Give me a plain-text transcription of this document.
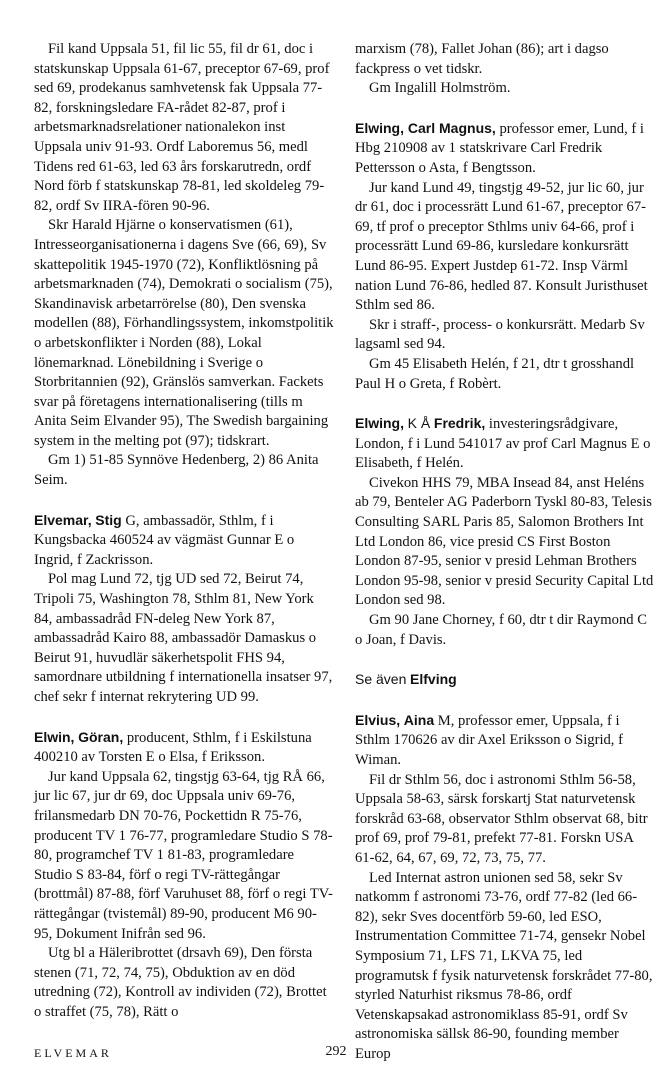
Fil kand Uppsala 51, fil lic 55, fil dr 61, doc i statskunskap Uppsala 61-67, preceptor 67-69, prof sed 69, prodekanus samhvetensk fak Uppsala 77-82, forskningsledare FA-rådet 82-87, prof i arbetsmarknadsrelationer nationalekon inst Uppsala univ 91-93. Ordf Laboremus 56, medl Tidens red 61-63, led 63 års forskarutredn, ordf Nord förb f statskunskap 78-81, led skoldeleg 79-82, ordf Sv IIRA-fören 90-96.

Skr Harald Hjärne o konservatismen (61), Intresseorganisationerna i dagens Sve (66, 69), Sv skattepolitik 1945-1970 (72), Konfliktlösning på arbetsmarknaden (74), Demokrati o socialism (75), Skandinavisk arbetarrörelse (80), Den svenska modellen (88), Förhandlingssystem, inkomstpolitik o arbetskonflikter i Norden (88), Lokal lönemarknad. Lönebildning i Sverige o Storbritannien (92), Gränslös samverkan. Fackets svar på företagens internationalisering (tills m Anita Seim Elvander 95), The Swedish bargaining system in the melting pot (97); tidskrart.

Gm 1) 51-85 Synnöve Hedenberg, 2) 86 Anita Seim.

Elvemar, Stig G, ambassadör, Sthlm, f i Kungsbacka 460524 av vägmäst Gunnar E o Ingrid, f Zackrisson.

Pol mag Lund 72, tjg UD sed 72, Beirut 74, Tripoli 75, Washington 78, Sthlm 81, New York 84, ambassadråd FN-deleg New York 87, ambassadråd Kairo 88, ambassadör Damaskus o Beirut 91, huvudlär säkerhetspolit FHS 94, samordnare utbildning f internationella insatser 97, chef sekr f internat rekrytering UD 99.

Elwin, Göran, producent, Sthlm, f i Eskilstuna 400210 av Torsten E o Elsa, f Eriksson.

Jur kand Uppsala 62, tingstjg 63-64, tjg RÅ 66, jur lic 67, jur dr 69, doc Uppsala univ 69-76, frilansmedarb DN 70-76, Pockettidn R 75-76, producent TV 1 76-77, programledare Studio S 78-80, programchef TV 1 81-83, programledare Studio S 83-84, förf o regi TV-rättegångar (brottmål) 87-88, förf Varuhuset 88, förf o regi TV-rättegångar (tvistemål) 89-90, producent M6 90-95, Dokument Inifrån sed 96.

Utg bl a Häleribrottet (drsavh 69), Den första stenen (71, 72, 74, 75), Obduktion av en död utredning (72), Kontroll av individen (72), Brottet o straffet (75, 78), Rätt o

marxism (78), Fallet Johan (86); art i dagso fackpress o vet tidskr.

Gm Ingalill Holmström.

Elwing, Carl Magnus, professor emer, Lund, f i Hbg 210908 av 1 statskrivare Carl Fredrik Pettersson o Asta, f Bengtsson.

Jur kand Lund 49, tingstjg 49-52, jur lic 60, jur dr 61, doc i processrätt Lund 61-67, preceptor 67-69, tf prof o preceptor Sthlms univ 64-66, prof i processrätt Lund 69-86, kursledare konkursrätt Lund 86-95. Expert Justdep 61-72. Insp Värml nation Lund 76-86, hedled 87. Konsult Juristhuset Sthlm sed 86.

Skr i straff-, process- o konkursrätt. Medarb Sv lagsaml sed 94.

Gm 45 Elisabeth Helén, f 21, dtr t grosshandl Paul H o Greta, f Robèrt.

Elwing, K Å Fredrik, investeringsrådgivare, London, f i Lund 541017 av prof Carl Magnus E o Elisabeth, f Helén.

Civekon HHS 79, MBA Insead 84, anst Heléns ab 79, Benteler AG Paderborn Tyskl 80-83, Telesis Consulting SARL Paris 85, Salomon Brothers Int Ltd London 86, vice presid CS First Boston London 87-95, senior v presid Lehman Brothers London 95-98, senior v presid Security Capital Ltd London sed 98.

Gm 90 Jane Chorney, f 60, dtr t dir Raymond C o Joan, f Davis.

Se även Elfving

Elvius, Aina M, professor emer, Uppsala, f i Sthlm 170626 av dir Axel Eriksson o Sigrid, f Wiman.

Fil dr Sthlm 56, doc i astronomi Sthlm 56-58, Uppsala 58-63, särsk forskartj Stat naturvetensk forskråd 63-68, observator Sthlm observat 68, bitr prof 69, prof 79-81, prefekt 77-81. Forskn USA 61-62, 64, 67, 69, 72, 73, 75, 77.

Led Internat astron unionen sed 58, sekr Sv natkomm f astronomi 73-76, ordf 77-82 (led 66-82), sekr Sves docentförb 59-60, led ESO, Instrumentation Committee 71-74, gensekr Nobel Symposium 71, LFS 71, LKVA 75, led programutsk f fysik naturvetensk forskrådet 77-80, styrled Naturhist riksmus 78-86, ordf Vetenskapsakad astronomiklass 85-91, ordf Sv astronomiska sällsk 86-90, founding member Europ

ELVEMAR	292
